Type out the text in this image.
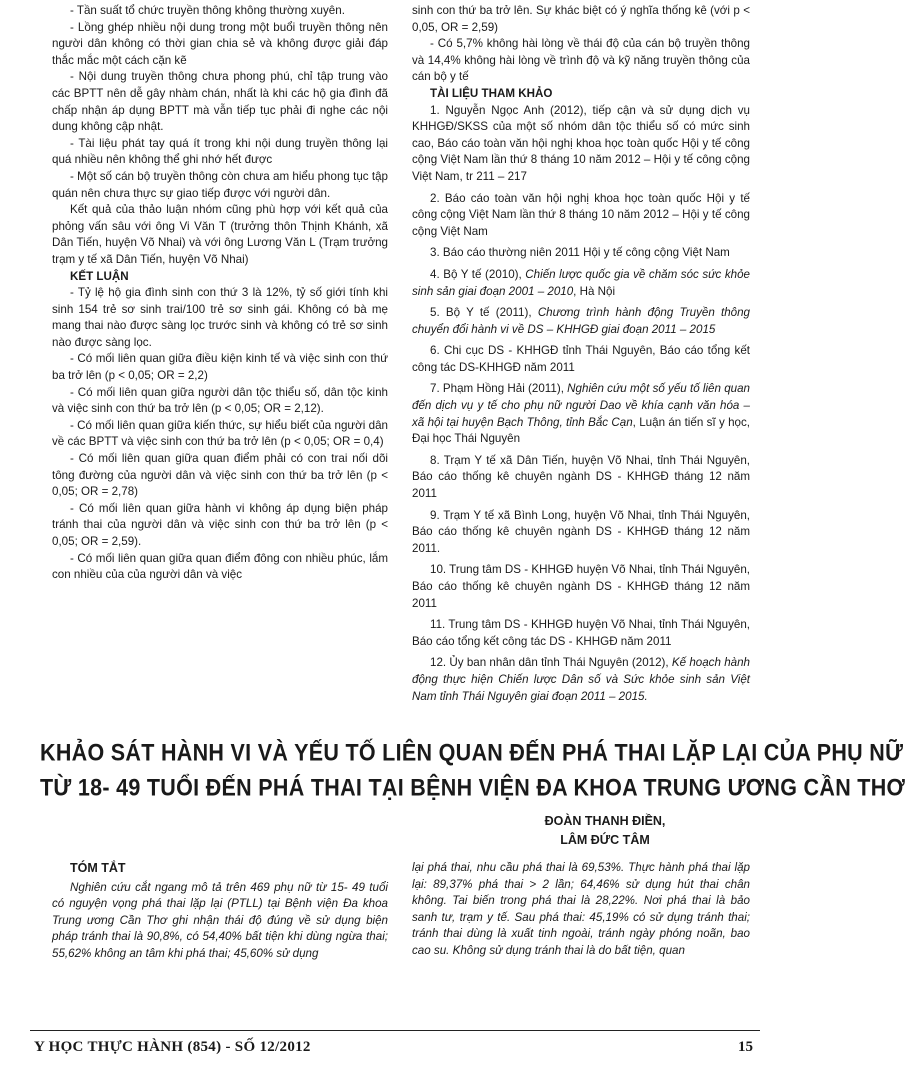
- Tần suất tổ chức truyền thông không thường xuyên.

- Lồng ghép nhiều nội dung trong một buổi truyền thông nên người dân không có thời gian chia sẻ và không được giải đáp thắc mắc một cách cặn kẽ

- Nội dung truyền thông chưa phong phú, chỉ tập trung vào các BPTT nên dễ gây nhàm chán, nhất là khi các hộ gia đình đã chấp nhận áp dụng BPTT mà vẫn tiếp tục phải đi nghe các nội dung không cập nhật.

- Tài liệu phát tay quá ít trong khi nội dung truyền thông lại quá nhiều nên không thể ghi nhớ hết được

- Một số cán bộ truyền thông còn chưa am hiểu phong tục tập quán nên chưa thực sự giao tiếp được với người dân.

Kết quả của thảo luận nhóm cũng phù hợp với kết quả của phỏng vấn sâu với ông Vi Văn T (trưởng thôn Thịnh Khánh, xã Dân Tiến, huyện Võ Nhai) và với ông Lương Văn L (Trạm trưởng trạm y tế xã Dân Tiến, huyện Võ Nhai)

KẾT LUẬN

- Tỷ lệ hộ gia đình sinh con thứ 3 là 12%, tỷ số giới tính khi sinh 154 trẻ sơ sinh trai/100 trẻ sơ sinh gái. Không có bà mẹ mang thai nào được sàng lọc trước sinh và không có trẻ sơ sinh nào được sàng lọc.

- Có mối liên quan giữa điều kiện kinh tế và việc sinh con thứ ba trở lên (p < 0,05; OR = 2,2)

- Có mối liên quan giữa người dân tộc thiểu số, dân tộc kinh và việc sinh con thứ ba trở lên (p < 0,05; OR = 2,12).

- Có mối liên quan giữa kiến thức, sự hiểu biết của người dân về các BPTT và việc sinh con thứ ba trở lên (p < 0,05; OR = 0,4)

- Có mối liên quan giữa quan điểm phải có con trai nối dõi tông đường của người dân và việc sinh con thứ ba trở lên (p < 0,05; OR = 2,78)

- Có mối liên quan giữa hành vi không áp dụng biện pháp tránh thai của người dân và việc sinh con thứ ba trở lên (p < 0,05; OR = 2,59).

- Có mối liên quan giữa quan điểm đông con nhiều phúc, lắm con nhiều của của người dân và việc

sinh con thứ ba trở lên. Sự khác biệt có ý nghĩa thống kê (với p < 0,05, OR = 2,59)

- Có 5,7% không hài lòng về thái độ của cán bộ truyền thông và 14,4% không hài lòng về trình độ và kỹ năng truyền thông của cán bộ y tế

TÀI LIỆU THAM KHẢO

1. Nguyễn Ngọc Anh (2012), tiếp cận và sử dụng dịch vụ KHHGĐ/SKSS của một số nhóm dân tộc thiểu số có mức sinh cao, Báo cáo toàn văn hội nghị khoa học toàn quốc Hội y tế công cộng Việt Nam lần thứ 8 tháng 10 năm 2012 – Hội y tế công cộng Việt Nam, tr 211 – 217

2. Báo cáo toàn văn hội nghị khoa học toàn quốc Hội y tế công cộng Việt Nam lần thứ 8 tháng 10 năm 2012 – Hội y tế công cộng Việt Nam

3. Báo cáo thường niên 2011 Hội y tế công cộng Việt Nam

4. Bộ Y tế (2010), Chiến lược quốc gia về chăm sóc sức khỏe sinh sản giai đoạn 2001 – 2010, Hà Nội

5. Bộ Y tế (2011), Chương trình hành động Truyền thông chuyển đổi hành vi về DS – KHHGĐ giai đoạn 2011 – 2015

6. Chi cục DS - KHHGĐ tỉnh Thái Nguyên, Báo cáo tổng kết công tác DS-KHHGĐ năm 2011

7. Phạm Hồng Hải (2011), Nghiên cứu một số yếu tố liên quan đến dịch vụ y tế cho phụ nữ người Dao về khía cạnh văn hóa – xã hội tại huyện Bạch Thông, tỉnh Bắc Cạn, Luận án tiến sĩ y học, Đại học Thái Nguyên

8. Trạm Y tế xã Dân Tiến, huyện Võ Nhai, tỉnh Thái Nguyên, Báo cáo thống kê chuyên ngành DS - KHHGĐ tháng 12 năm 2011

9. Trạm Y tế xã Bình Long, huyện Võ Nhai, tỉnh Thái Nguyên, Báo cáo thống kê chuyên ngành DS - KHHGĐ tháng 12 năm 2011.

10. Trung tâm DS - KHHGĐ huyện Võ Nhai, tỉnh Thái Nguyên, Báo cáo thống kê chuyên ngành DS - KHHGĐ tháng 12 năm 2011

11. Trung tâm DS - KHHGĐ huyện Võ Nhai, tỉnh Thái Nguyên, Báo cáo tổng kết công tác DS - KHHGĐ năm 2011

12. Ủy ban nhân dân tỉnh Thái Nguyên (2012), Kế hoạch hành động thực hiện Chiến lược Dân số và Sức khỏe sinh sản Việt Nam tỉnh Thái Nguyên giai đoạn 2011 – 2015.

KHẢO SÁT HÀNH VI VÀ YẾU TỐ LIÊN QUAN ĐẾN PHÁ THAI LẶP LẠI CỦA PHỤ NỮ
TỪ 18- 49 TUỔI ĐẾN PHÁ THAI TẠI BỆNH VIỆN ĐA KHOA TRUNG ƯƠNG CẦN THƠ
ĐOÀN THANH ĐIỀN,
LÂM ĐỨC TÂM

TÓM TẮT

Nghiên cứu cắt ngang mô tả trên 469 phụ nữ từ 15- 49 tuổi có nguyện vọng phá thai lặp lại (PTLL) tại Bệnh viện Đa khoa Trung ương Cần Thơ ghi nhận thái độ đúng về sử dụng biện pháp tránh thai là 90,8%, có 54,40% bất tiện khi dùng ngừa thai; 55,62% không an tâm khi phá thai; 45,60% sử dụng

lại phá thai, nhu cầu phá thai là 69,53%. Thực hành phá thai lặp lại: 89,37% phá thai > 2 lần; 64,46% sử dụng hút thai chân không. Tai biến trong phá thai là 28,22%. Nơi phá thai là bảo sanh tư, trạm y tế. Sau phá thai: 45,19% có sử dụng tránh thai; tránh thai dùng là xuất tinh ngoài, tránh ngày phóng noãn, bao cao su. Không sử dụng tránh thai là do bất tiện, quan

Y HỌC THỰC HÀNH (854) - SỐ 12/2012	15
